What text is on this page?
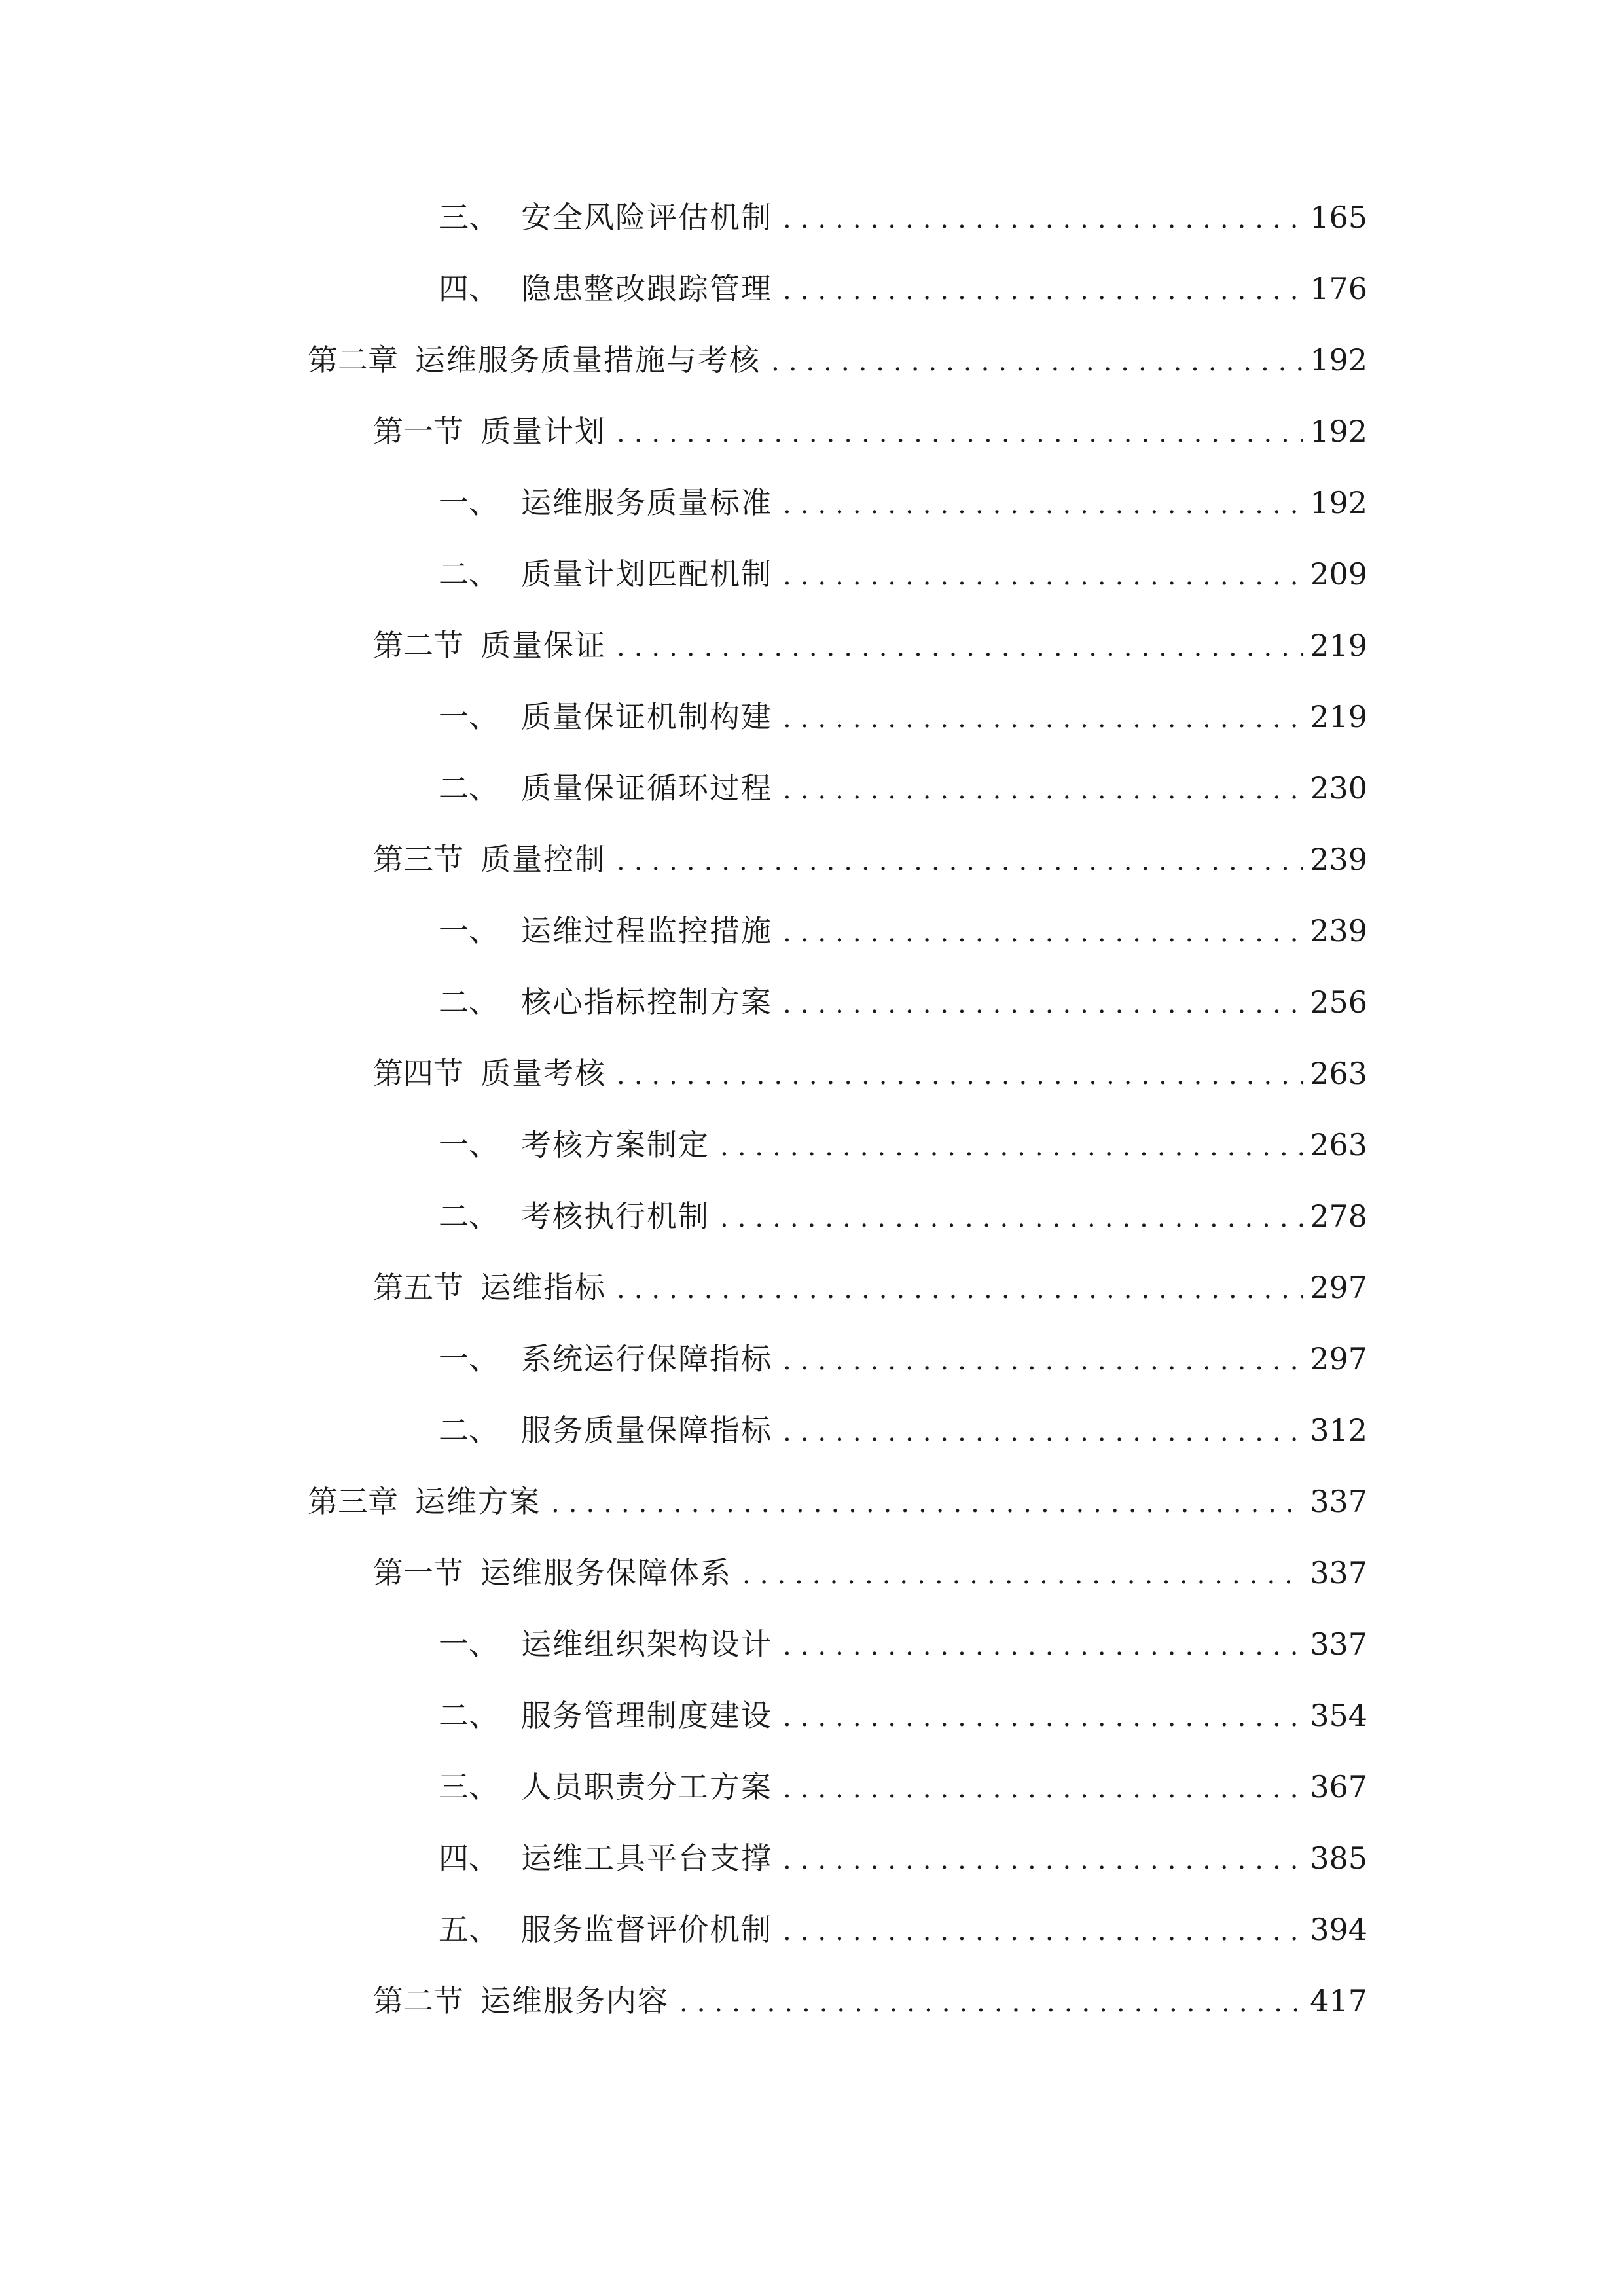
三、 安全风险评估机制 .....	165
四、 隐患整改跟踪管理 .....	176
第二章 运维服务质量措施与考核 .....	192
第一节 质量计划 .....	192
一、 运维服务质量标准 .....	192
二、 质量计划匹配机制 .....	209
第二节 质量保证 .....	219
一、 质量保证机制构建 .....	219
二、 质量保证循环过程 .....	230
第三节 质量控制 .....	239
一、 运维过程监控措施 .....	239
二、 核心指标控制方案 .....	256
第四节 质量考核 .....	263
一、 考核方案制定 .....	263
二、 考核执行机制 .....	278
第五节 运维指标 .....	297
一、 系统运行保障指标 .....	297
二、 服务质量保障指标 .....	312
第三章 运维方案 .....	337
第一节 运维服务保障体系 .....	337
一、 运维组织架构设计 .....	337
二、 服务管理制度建设 .....	354
三、 人员职责分工方案 .....	367
四、 运维工具平台支撑 .....	385
五、 服务监督评价机制 .....	394
第二节 运维服务内容 .....	417
